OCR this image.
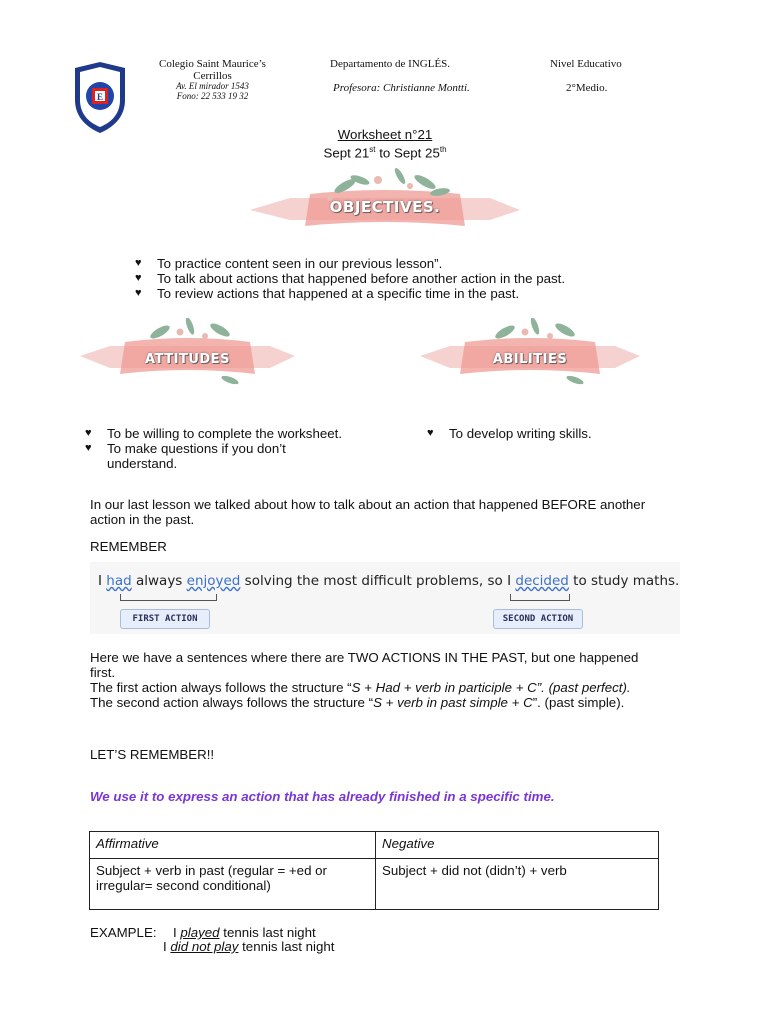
E
Colegio Saint Maurice’s
Cerrillos
Av. El mirador 1543
Fono: 22 533 19 32
Departamento de INGLÉS.
Profesora: Christianne Montti.
Nivel Educativo
2°Medio.
Worksheet n°21
Sept 21st to Sept 25th
OBJECTIVES.
♥ To practice content seen in our previous lesson”.
♥ To talk about actions that happened before another action in the past.
♥ To review actions that happened at a specific time in the past.
ATTITUDES	ABILITIES
♥ To be willing to complete the worksheet.
♥ To make questions if you don’t understand.
♥ To develop writing skills.
In our last lesson we talked about how to talk about an action that happened BEFORE another action in the past.
REMEMBER
I had always enjoyed solving the most difficult problems, so I decided to study maths.
FIRST ACTION	SECOND ACTION
Here we have a sentences where there are TWO ACTIONS IN THE PAST, but one happened first.
The first action always follows the structure “S + Had + verb in participle + C”. (past perfect).
The second action always follows the structure “S + verb in past simple + C”. (past simple).
LET’S REMEMBER!!
We use it to express an action that has already finished in a specific time.
Affirmative	Negative
Subject + verb in past (regular = +ed or irregular= second conditional)	Subject + did not (didn’t) + verb
EXAMPLE: I played tennis last night
I did not play tennis last night
